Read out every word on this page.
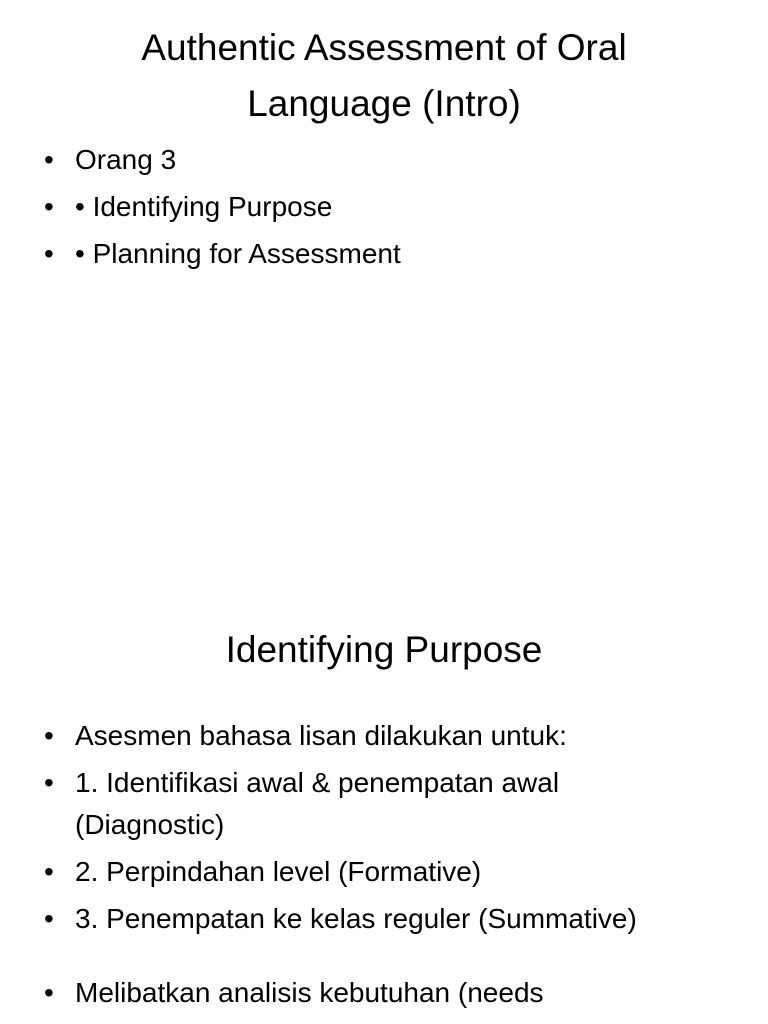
Authentic Assessment of Oral
Language (Intro)
• Orang 3
• • Identifying Purpose
• • Planning for Assessment
Identifying Purpose
• Asesmen bahasa lisan dilakukan untuk:
• 1. Identifikasi awal & penempatan awal (Diagnostic)
• 2. Perpindahan level (Formative)
• 3. Penempatan ke kelas reguler (Summative)
• Melibatkan analisis kebutuhan (needs
